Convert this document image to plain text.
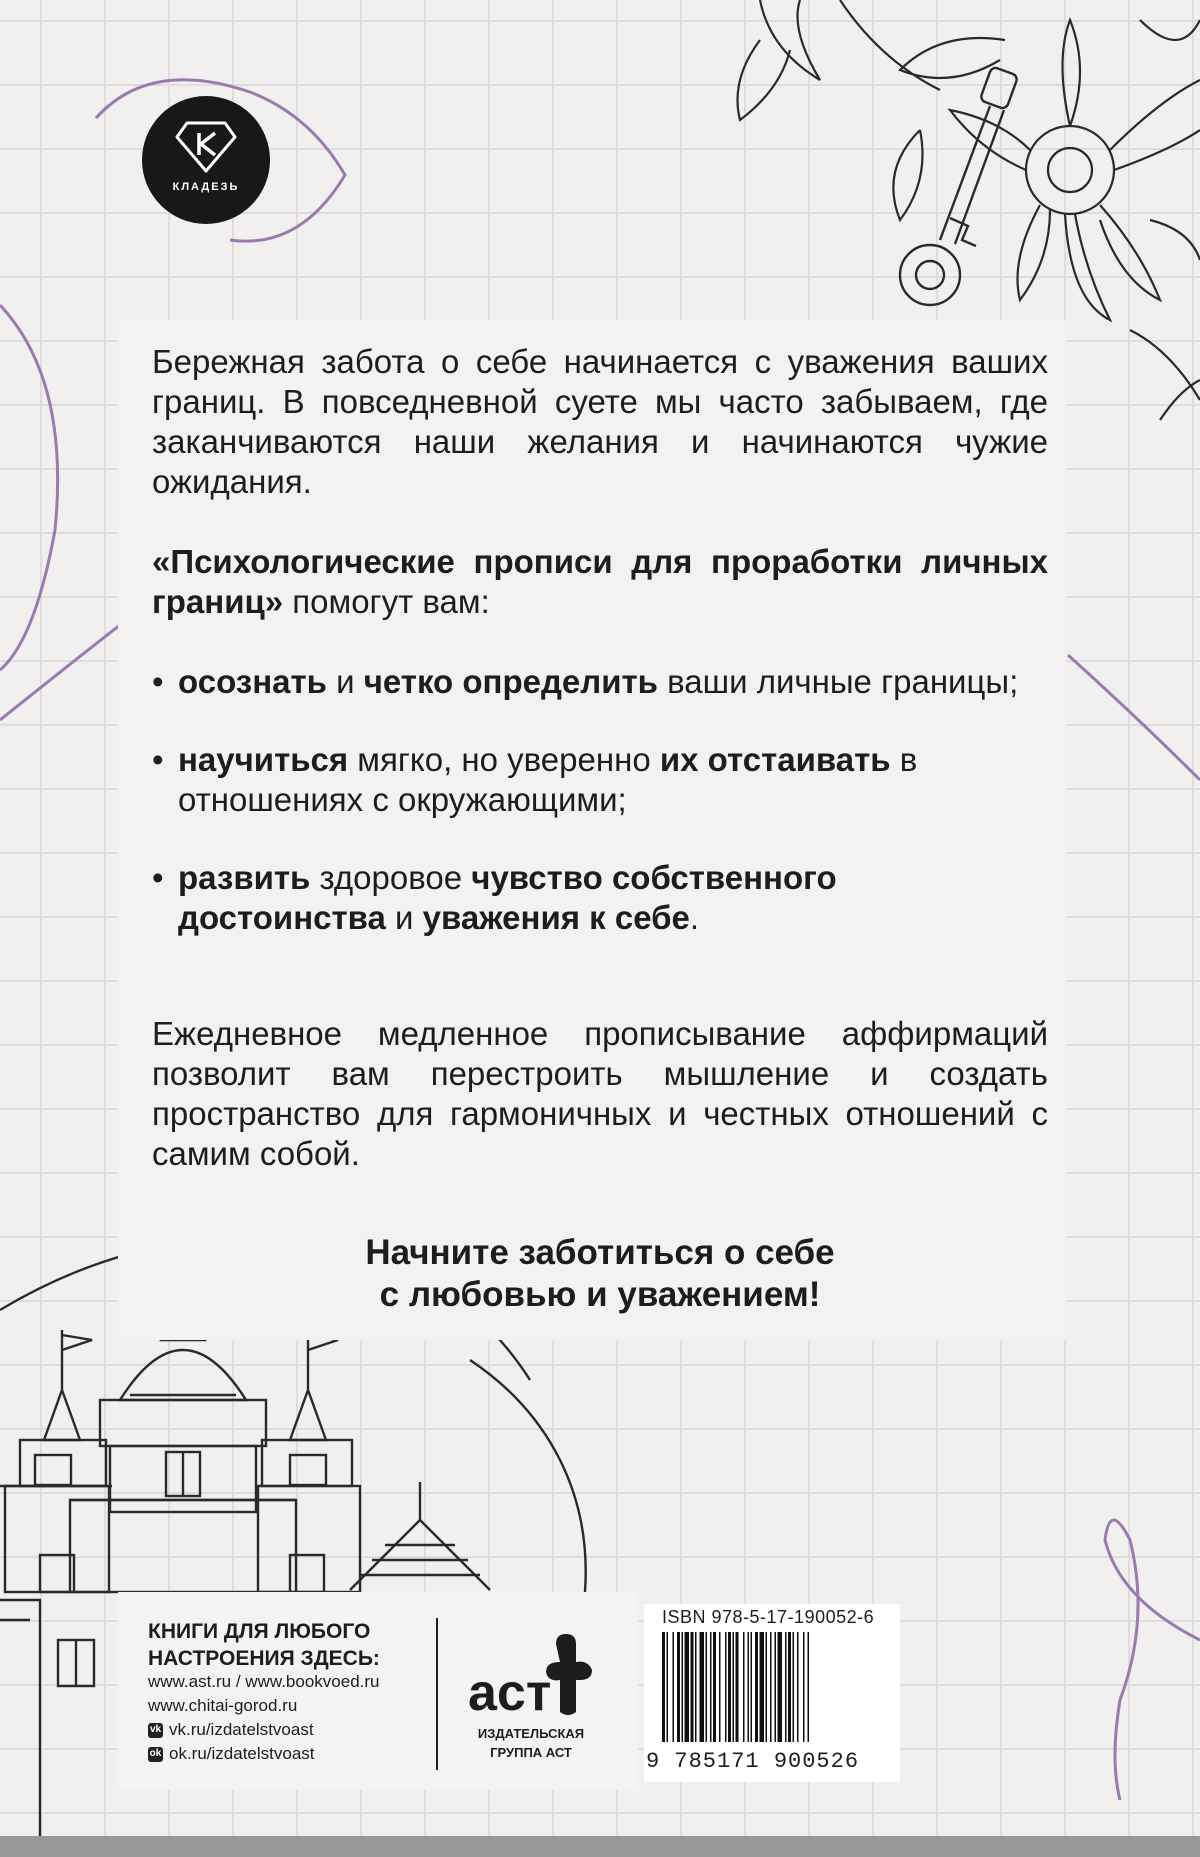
КЛАДЕЗЬ

Бережная забота о себе начинается с уважения ваших границ. В повседневной суете мы часто забываем, где заканчиваются наши желания и начинаются чужие ожидания.

«Психологические прописи для проработки личных границ» помогут вам:

• осознать и четко определить ваши личные границы;
• научиться мягко, но уверенно их отстаивать в отношениях с окружающими;
• развить здоровое чувство собственного достоинства и уважения к себе.

Ежедневное медленное прописывание аффирмаций позволит вам перестроить мышление и создать пространство для гармоничных и честных отношений с самим собой.

Начните заботиться о себе
с любовью и уважением!
КНИГИ ДЛЯ ЛЮБОГО НАСТРОЕНИЯ ЗДЕСЬ:
www.ast.ru / www.bookvoed.ru
www.chitai-gorod.ru
vk vk.ru/izdatelstvoast
ok ok.ru/izdatelstvoast
аст
ИЗДАТЕЛЬСКАЯ ГРУППА АСТ
ISBN 978-5-17-190052-6
9 785171 900526
